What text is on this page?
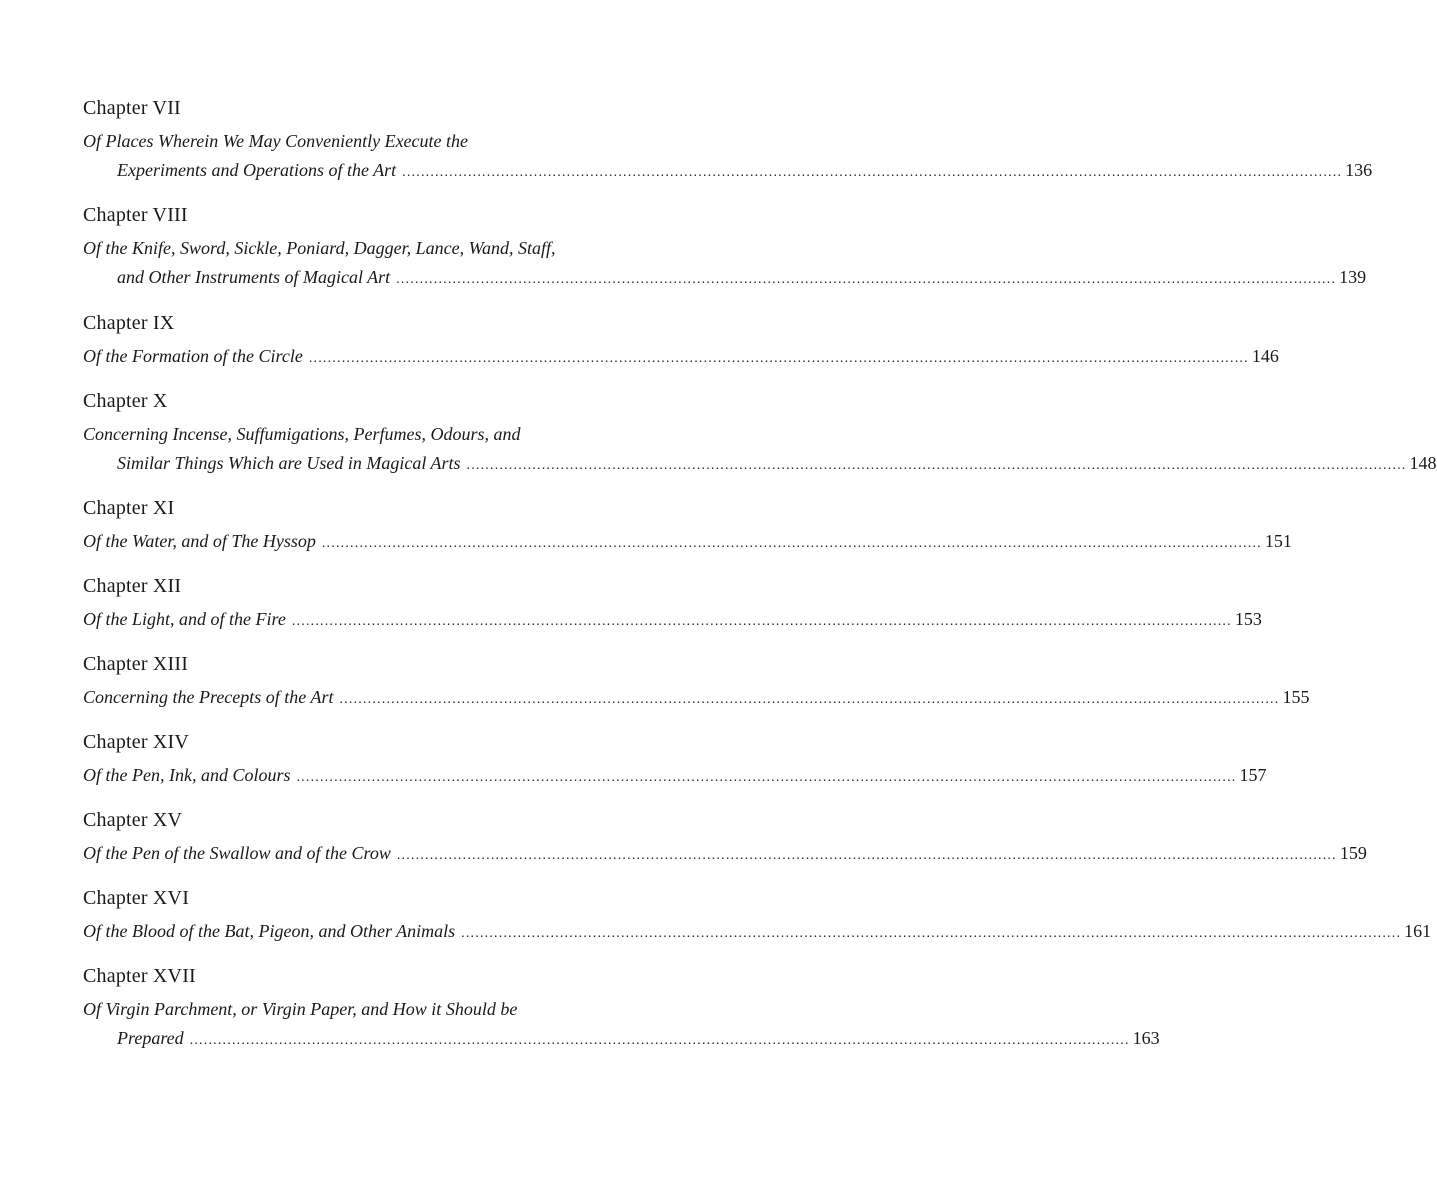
Chapter VII
Of Places Wherein We May Conveniently Execute the
Experiments and Operations of the Art .....	136
Chapter VIII
Of the Knife, Sword, Sickle, Poniard, Dagger, Lance, Wand, Staff,
and Other Instruments of Magical Art .....	139
Chapter IX
Of the Formation of the Circle .....	146
Chapter X
Concerning Incense, Suffumigations, Perfumes, Odours, and
Similar Things Which are Used in Magical Arts .....	148
Chapter XI
Of the Water, and of The Hyssop .....	151
Chapter XII
Of the Light, and of the Fire .....	153
Chapter XIII
Concerning the Precepts of the Art .....	155
Chapter XIV
Of the Pen, Ink, and Colours .....	157
Chapter XV
Of the Pen of the Swallow and of the Crow .....	159
Chapter XVI
Of the Blood of the Bat, Pigeon, and Other Animals .....	161
Chapter XVII
Of Virgin Parchment, or Virgin Paper, and How it Should be
Prepared .....	163
